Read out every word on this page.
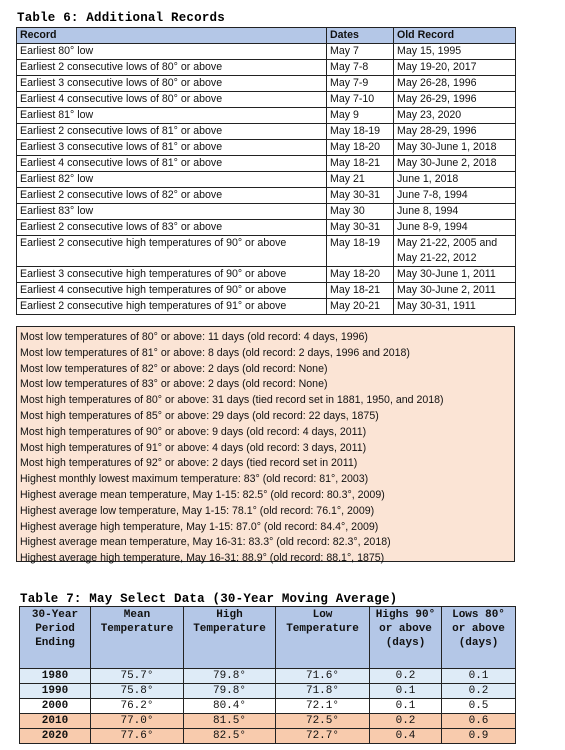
Table 6: Additional Records
Record	Dates	Old Record
Earliest 80° low	May 7	May 15, 1995
Earliest 2 consecutive lows of 80° or above	May 7-8	May 19-20, 2017
Earliest 3 consecutive lows of 80° or above	May 7-9	May 26-28, 1996
Earliest 4 consecutive lows of 80° or above	May 7-10	May 26-29, 1996
Earliest 81° low	May 9	May 23, 2020
Earliest 2 consecutive lows of 81° or above	May 18-19	May 28-29, 1996
Earliest 3 consecutive lows of 81° or above	May 18-20	May 30-June 1, 2018
Earliest 4 consecutive lows of 81° or above	May 18-21	May 30-June 2, 2018
Earliest 82° low	May 21	June 1, 2018
Earliest 2 consecutive lows of 82° or above	May 30-31	June 7-8, 1994
Earliest 83° low	May 30	June 8, 1994
Earliest 2 consecutive lows of 83° or above	May 30-31	June 8-9, 1994
Earliest 2 consecutive high temperatures of 90° or above	May 18-19	May 21-22, 2005 and May 21-22, 2012
Earliest 3 consecutive high temperatures of 90° or above	May 18-20	May 30-June 1, 2011
Earliest 4 consecutive high temperatures of 90° or above	May 18-21	May 30-June 2, 2011
Earliest 2 consecutive high temperatures of 91° or above	May 20-21	May 30-31, 1911
Most low temperatures of 80° or above: 11 days (old record: 4 days, 1996)
Most low temperatures of 81° or above: 8 days (old record: 2 days, 1996 and 2018)
Most low temperatures of 82° or above: 2 days (old record: None)
Most low temperatures of 83° or above: 2 days (old record: None)
Most high temperatures of 80° or above: 31 days (tied record set in 1881, 1950, and 2018)
Most high temperatures of 85° or above: 29 days (old record: 22 days, 1875)
Most high temperatures of 90° or above: 9 days (old record: 4 days, 2011)
Most high temperatures of 91° or above: 4 days (old record: 3 days, 2011)
Most high temperatures of 92° or above: 2 days (tied record set in 2011)
Highest monthly lowest maximum temperature: 83° (old record: 81°, 2003)
Highest average mean temperature, May 1-15: 82.5° (old record: 80.3°, 2009)
Highest average low temperature, May 1-15: 78.1° (old record: 76.1°, 2009)
Highest average high temperature, May 1-15: 87.0° (old record: 84.4°, 2009)
Highest average mean temperature, May 16-31: 83.3° (old record: 82.3°, 2018)
Highest average high temperature, May 16-31: 88.9° (old record: 88.1°, 1875)
Table 7: May Select Data (30-Year Moving Average)
30-Year Period Ending	Mean Temperature	High Temperature	Low Temperature	Highs 90° or above (days)	Lows 80° or above (days)
1980	75.7°	79.8°	71.6°	0.2	0.1
1990	75.8°	79.8°	71.8°	0.1	0.2
2000	76.2°	80.4°	72.1°	0.1	0.5
2010	77.0°	81.5°	72.5°	0.2	0.6
2020	77.6°	82.5°	72.7°	0.4	0.9
